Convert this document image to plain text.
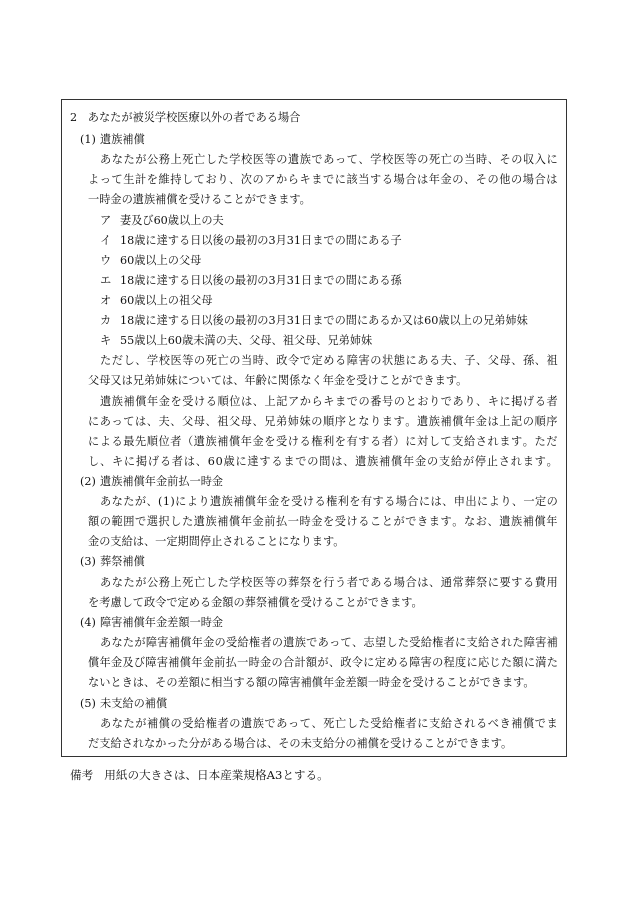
2 あなたが被災学校医療以外の者である場合
(1) 遺族補償
あ な た が 公 務 上 死 亡 し た 学 校 医 等 の 遺 族 で あ っ て 、 学 校 医 等 の 死 亡 の 当 時 、 そ の 収 入 に
よ っ て 生 計 を 維 持 し て お り 、 次 の ア か ら キ ま で に 該 当 す る 場 合 は 年 金 の 、 そ の 他 の 場 合 は
一時金の遺族補償を受けることができます。
ア 妻及び60歳以上の夫
イ 18歳に達する日以後の最初の3月31日までの間にある子
ウ 60歳以上の父母
エ 18歳に達する日以後の最初の3月31日までの間にある孫
オ 60歳以上の祖父母
カ 18歳に達する日以後の最初の3月31日までの間にあるか又は60歳以上の兄弟姉妹
キ 55歳以上60歳未満の夫、父母、祖父母、兄弟姉妹
た だ し 、 学 校 医 等 の 死 亡 の 当 時 、 政 令 で 定 め る 障 害 の 状 態 に あ る 夫 、 子 、 父 母 、 孫 、 祖
父母又は兄弟姉妹については、年齢に関係なく年金を受けことができます。
遺 族 補 償 年 金 を 受 け る 順 位 は 、 上 記 ア か ら キ ま で の 番 号 の と お り で あ り 、 キ に 掲 げ る 者
に あ っ て は 、 夫 、 父 母 、 祖 父 母 、 兄 弟 姉 妹 の 順 序 と な り ま す 。 遺 族 補 償 年 金 は 上 記 の 順 序
に よ る 最 先 順 位 者 （ 遺 族 補 償 年 金 を 受 け る 権 利 を 有 す る 者 ） に 対 し て 支 給 さ れ ま す 。 た だ
し 、 キ に 掲 げ る 者 は 、 6 0 歳 に 達 す る ま で の 間 は 、 遺 族 補 償 年 金 の 支 給 が 停 止 さ れ ま す 。
(2) 遺族補償年金前払一時金
あ な た が 、 ( 1 ) に よ り 遺 族 補 償 年 金 を 受 け る 権 利 を 有 す る 場 合 に は 、 申 出 に よ り 、 一 定 の
額 の 範 囲 で 選 択 し た 遺 族 補 償 年 金 前 払 一 時 金 を 受 け る こ と が で き ま す 。 な お 、 遺 族 補 償 年
金の支給は、一定期間停止されることになります。
(3) 葬祭補償
あ な た が 公 務 上 死 亡 し た 学 校 医 等 の 葬 祭 を 行 う 者 で あ る 場 合 は 、 通 常 葬 祭 に 要 す る 費 用
を考慮して政令で定める金額の葬祭補償を受けることができます。
(4) 障害補償年金差額一時金
あ な た が 障 害 補 償 年 金 の 受 給 権 者 の 遺 族 で あ っ て 、 志 望 し た 受 給 権 者 に 支 給 さ れ た 障 害 補
償 年 金 及 び 障 害 補 償 年 金 前 払 一 時 金 の 合 計 額 が 、 政 令 に 定 め る 障 害 の 程 度 に 応 じ た 額 に 満 た
ないときは、その差額に相当する額の障害補償年金差額一時金を受けることができます。
(5) 未支給の補償
あ な た が 補 償 の 受 給 権 者 の 遺 族 で あ っ て 、 死 亡 し た 受 給 権 者 に 支 給 さ れ る べ き 補 償 で ま
だ支給されなかった分がある場合は、その未支給分の補償を受けることができます。
備考 用紙の大きさは、日本産業規格A3とする。
